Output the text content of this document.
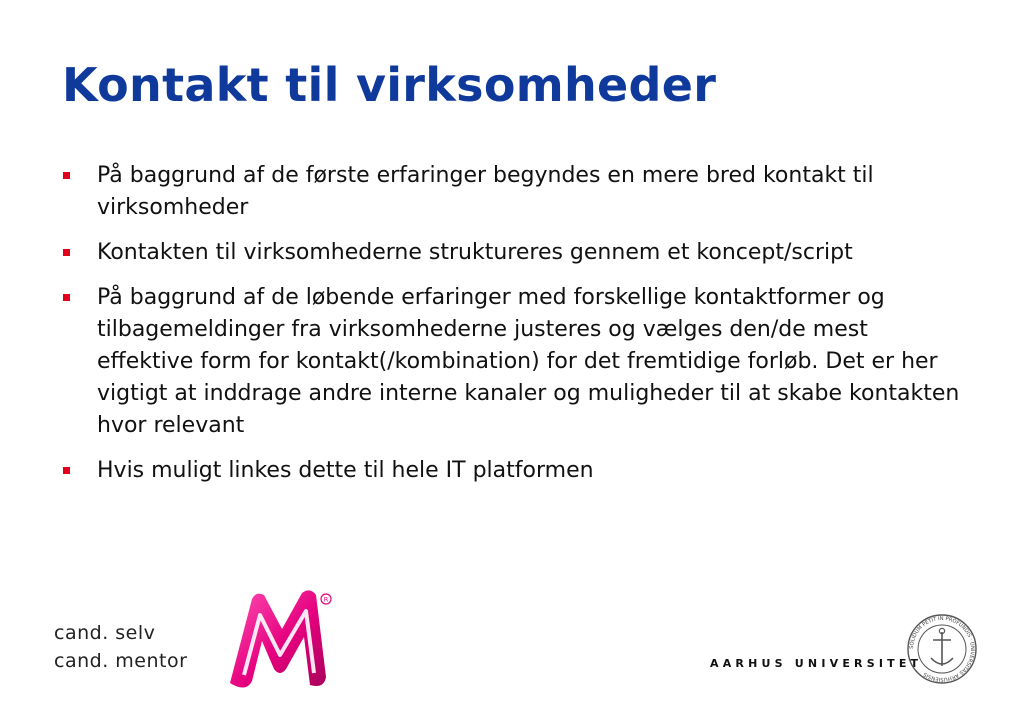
Kontakt til virksomheder
På baggrund af de første erfaringer begyndes en mere bred kontakt til virksomheder
Kontakten til virksomhederne struktureres gennem et koncept/script
På baggrund af de løbende erfaringer med forskellige kontaktformer og tilbagemeldinger fra virksomhederne justeres og vælges den/de mest effektive form for kontakt(/kombination) for det fremtidige forløb. Det er her vigtigt at inddrage andre interne kanaler og muligheder til at skabe kontakten hvor relevant
Hvis muligt linkes dette til hele IT platformen
cand. selv
cand. mentor
R
AARHUS UNIVERSITET
SOLIDUM PETIT IN PROFUNDIS · UNIVERSITAS ARHUSIENSIS
